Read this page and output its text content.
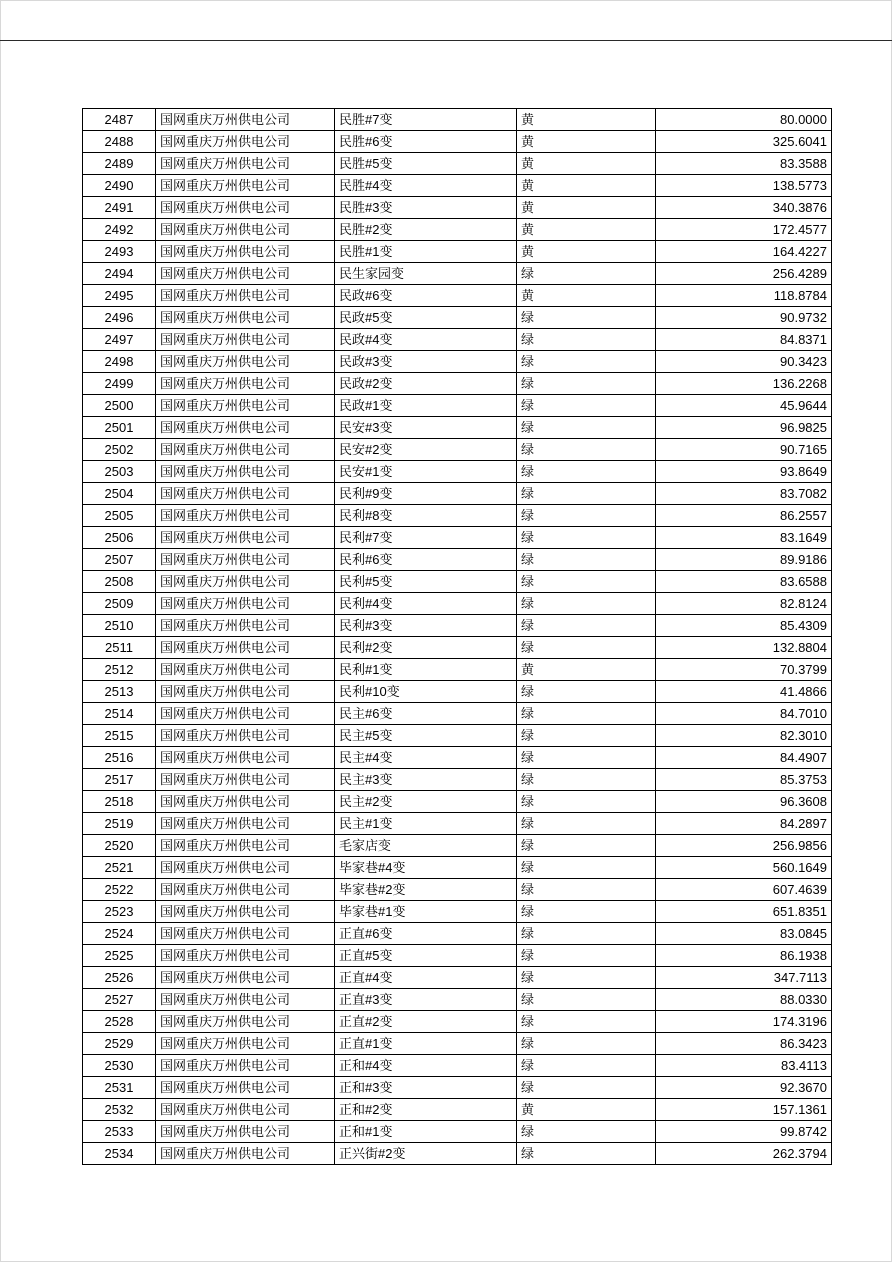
2487	国网重庆万州供电公司	民胜#7变	黄	80.0000
2488	国网重庆万州供电公司	民胜#6变	黄	325.6041
2489	国网重庆万州供电公司	民胜#5变	黄	83.3588
2490	国网重庆万州供电公司	民胜#4变	黄	138.5773
2491	国网重庆万州供电公司	民胜#3变	黄	340.3876
2492	国网重庆万州供电公司	民胜#2变	黄	172.4577
2493	国网重庆万州供电公司	民胜#1变	黄	164.4227
2494	国网重庆万州供电公司	民生家园变	绿	256.4289
2495	国网重庆万州供电公司	民政#6变	黄	118.8784
2496	国网重庆万州供电公司	民政#5变	绿	90.9732
2497	国网重庆万州供电公司	民政#4变	绿	84.8371
2498	国网重庆万州供电公司	民政#3变	绿	90.3423
2499	国网重庆万州供电公司	民政#2变	绿	136.2268
2500	国网重庆万州供电公司	民政#1变	绿	45.9644
2501	国网重庆万州供电公司	民安#3变	绿	96.9825
2502	国网重庆万州供电公司	民安#2变	绿	90.7165
2503	国网重庆万州供电公司	民安#1变	绿	93.8649
2504	国网重庆万州供电公司	民利#9变	绿	83.7082
2505	国网重庆万州供电公司	民利#8变	绿	86.2557
2506	国网重庆万州供电公司	民利#7变	绿	83.1649
2507	国网重庆万州供电公司	民利#6变	绿	89.9186
2508	国网重庆万州供电公司	民利#5变	绿	83.6588
2509	国网重庆万州供电公司	民利#4变	绿	82.8124
2510	国网重庆万州供电公司	民利#3变	绿	85.4309
2511	国网重庆万州供电公司	民利#2变	绿	132.8804
2512	国网重庆万州供电公司	民利#1变	黄	70.3799
2513	国网重庆万州供电公司	民利#10变	绿	41.4866
2514	国网重庆万州供电公司	民主#6变	绿	84.7010
2515	国网重庆万州供电公司	民主#5变	绿	82.3010
2516	国网重庆万州供电公司	民主#4变	绿	84.4907
2517	国网重庆万州供电公司	民主#3变	绿	85.3753
2518	国网重庆万州供电公司	民主#2变	绿	96.3608
2519	国网重庆万州供电公司	民主#1变	绿	84.2897
2520	国网重庆万州供电公司	毛家店变	绿	256.9856
2521	国网重庆万州供电公司	毕家巷#4变	绿	560.1649
2522	国网重庆万州供电公司	毕家巷#2变	绿	607.4639
2523	国网重庆万州供电公司	毕家巷#1变	绿	651.8351
2524	国网重庆万州供电公司	正直#6变	绿	83.0845
2525	国网重庆万州供电公司	正直#5变	绿	86.1938
2526	国网重庆万州供电公司	正直#4变	绿	347.7113
2527	国网重庆万州供电公司	正直#3变	绿	88.0330
2528	国网重庆万州供电公司	正直#2变	绿	174.3196
2529	国网重庆万州供电公司	正直#1变	绿	86.3423
2530	国网重庆万州供电公司	正和#4变	绿	83.4113
2531	国网重庆万州供电公司	正和#3变	绿	92.3670
2532	国网重庆万州供电公司	正和#2变	黄	157.1361
2533	国网重庆万州供电公司	正和#1变	绿	99.8742
2534	国网重庆万州供电公司	正兴街#2变	绿	262.3794
